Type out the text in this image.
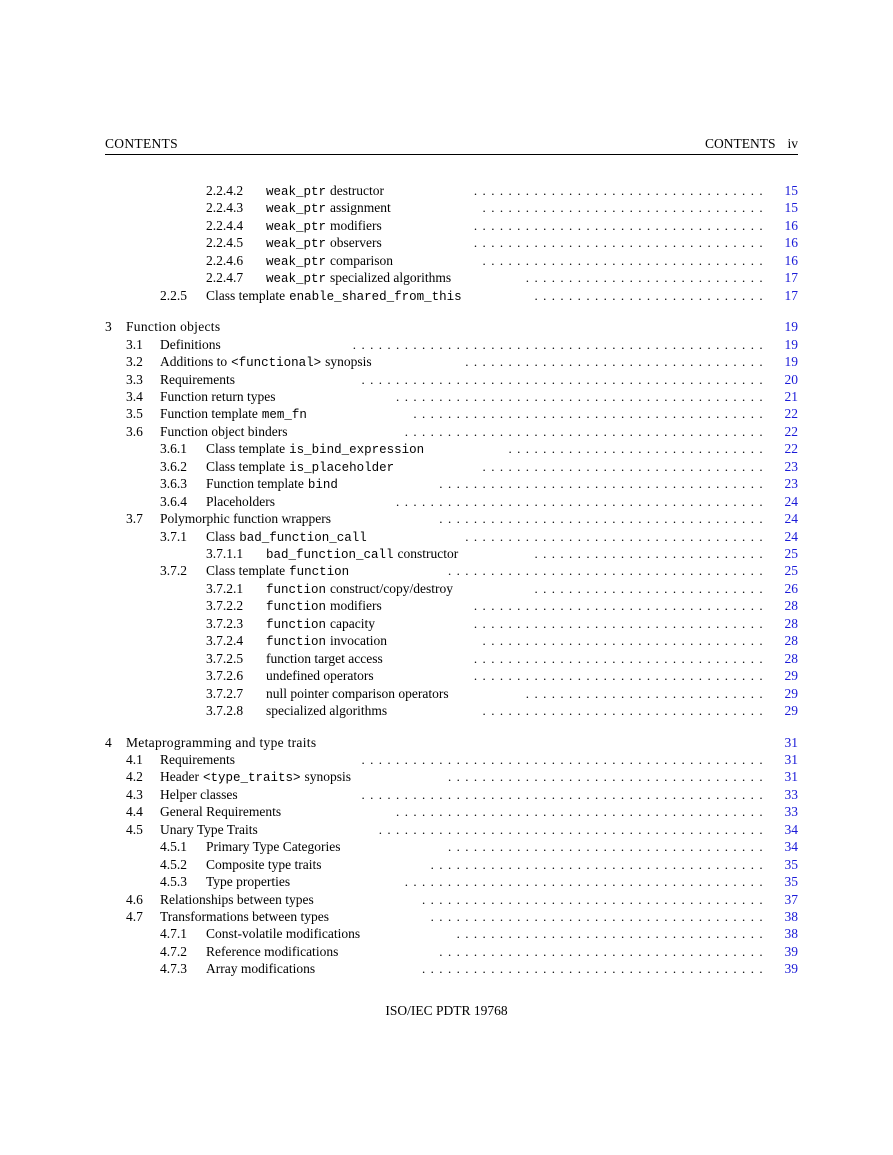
CONTENTS	CONTENTS iv
2.2.4.2 weak_ptr destructor	15
..................................
2.2.4.3 weak_ptr assignment	15
.................................
2.2.4.4 weak_ptr modifiers	16
..................................
2.2.4.5 weak_ptr observers	16
..................................
2.2.4.6 weak_ptr comparison	16
.................................
2.2.4.7 weak_ptr specialized algorithms	17
............................
2.2.5 Class template enable_shared_from_this	17
...........................
3 Function objects	19
3.1 Definitions	19
................................................
3.2 Additions to <functional> synopsis	19
...................................
3.3 Requirements	20
...............................................
3.4 Function return types	21
...........................................
3.5 Function template mem_fn	22
.........................................
3.6 Function object binders	22
..........................................
3.6.1 Class template is_bind_expression	22
..............................
3.6.2 Class template is_placeholder	23
.................................
3.6.3 Function template bind	23
......................................
3.6.4 Placeholders	24
...........................................
3.7 Polymorphic function wrappers	24
......................................
3.7.1 Class bad_function_call	24
...................................
3.7.1.1 bad_function_call constructor	25
...........................
3.7.2 Class template function	25
.....................................
3.7.2.1 function construct/copy/destroy	26
...........................
3.7.2.2 function modifiers	28
..................................
3.7.2.3 function capacity	28
..................................
3.7.2.4 function invocation	28
.................................
3.7.2.5 function target access	28
..................................
3.7.2.6 undefined operators	29
..................................
3.7.2.7 null pointer comparison operators	29
............................
3.7.2.8 specialized algorithms	29
.................................
4 Metaprogramming and type traits	31
4.1 Requirements	31
...............................................
4.2 Header <type_traits> synopsis	31
.....................................
4.3 Helper classes	33
...............................................
4.4 General Requirements	33
...........................................
4.5 Unary Type Traits	34
.............................................
4.5.1 Primary Type Categories	34
.....................................
4.5.2 Composite type traits	35
.......................................
4.5.3 Type properties	35
..........................................
4.6 Relationships between types	37
........................................
4.7 Transformations between types	38
.......................................
4.7.1 Const-volatile modifications	38
....................................
4.7.2 Reference modifications	39
......................................
4.7.3 Array modifications	39
........................................
ISO/IEC PDTR 19768
